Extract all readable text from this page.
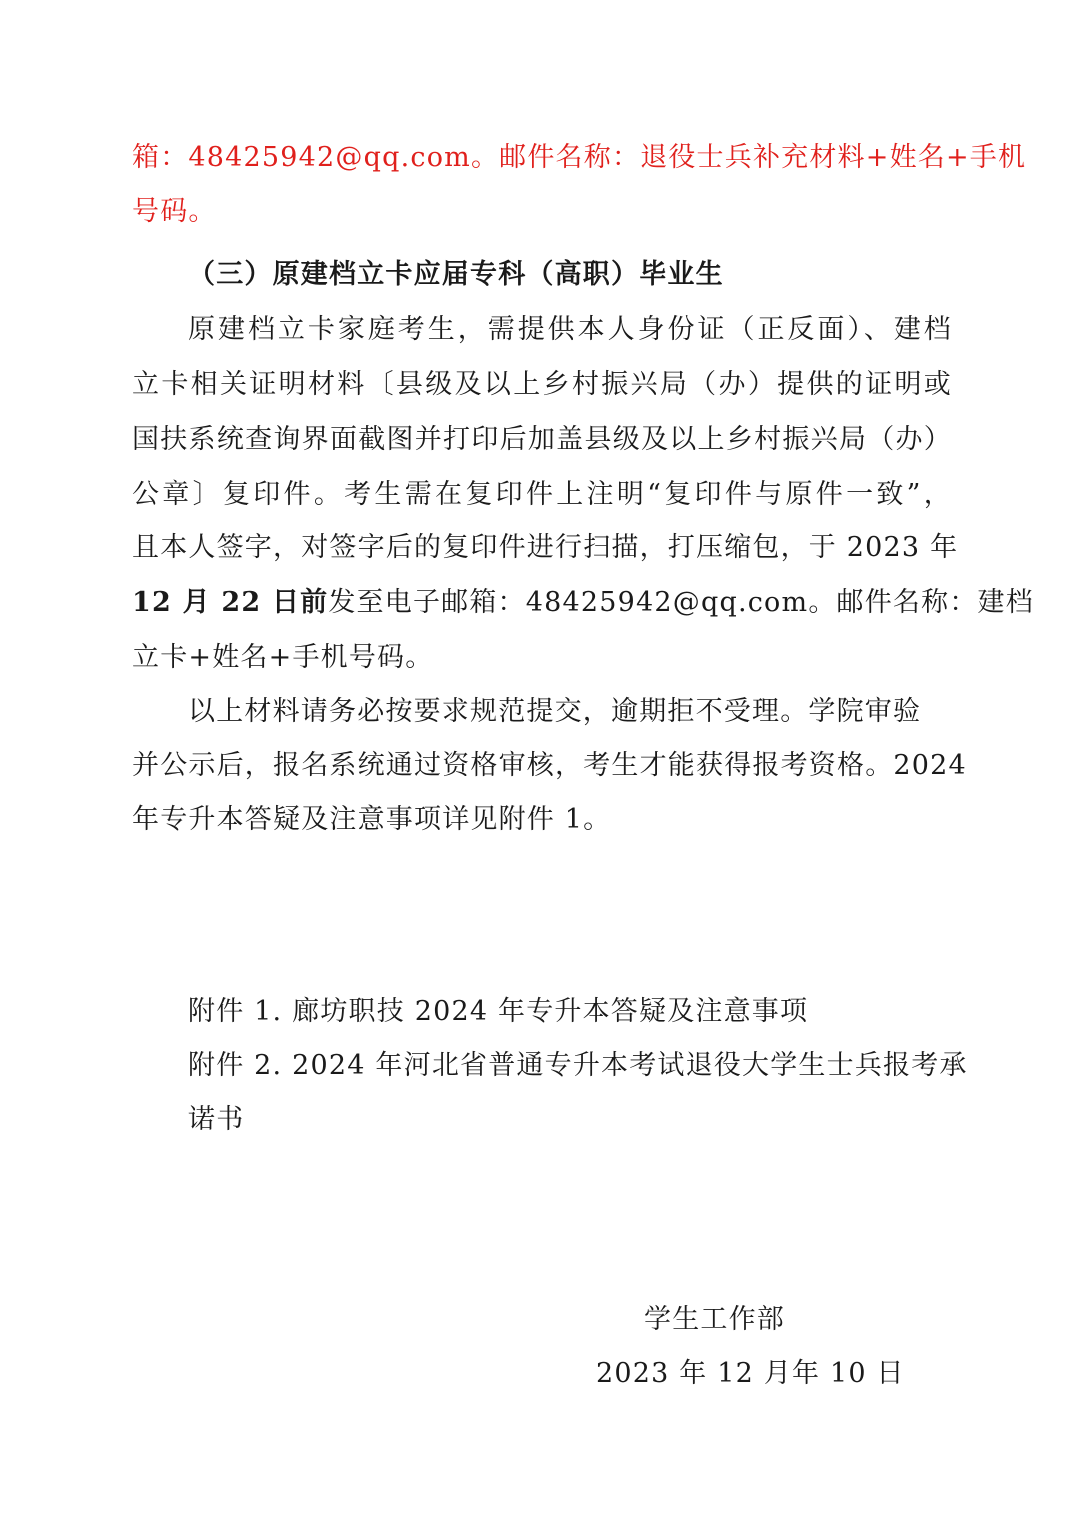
箱：48425942@qq.com。邮件名称：退役士兵补充材料+姓名+手机
号码。
（三）原建档立卡应届专科（高职）毕业生
原建档立卡家庭考生，需提供本人身份证（正反面）、建档
立卡相关证明材料〔县级及以上乡村振兴局（办）提供的证明或
国扶系统查询界面截图并打印后加盖县级及以上乡村振兴局（办）
公章〕复印件。考生需在复印件上注明“复印件与原件一致”，
且本人签字，对签字后的复印件进行扫描，打压缩包，于 2023 年
12 月 22 日前 发至电子邮箱：48425942@qq.com。邮件名称：建档
立卡+姓名+手机号码。
以上材料请务必按要求规范提交，逾期拒不受理。学院审验
并公示后，报名系统通过资格审核，考生才能获得报考资格。2024
年专升本答疑及注意事项详见附件 1。
附件 1. 廊坊职技 2024 年专升本答疑及注意事项
附件 2. 2024 年河北省普通专升本考试退役大学生士兵报考承
诺书
学生工作部
2023 年 12 月年 10 日
